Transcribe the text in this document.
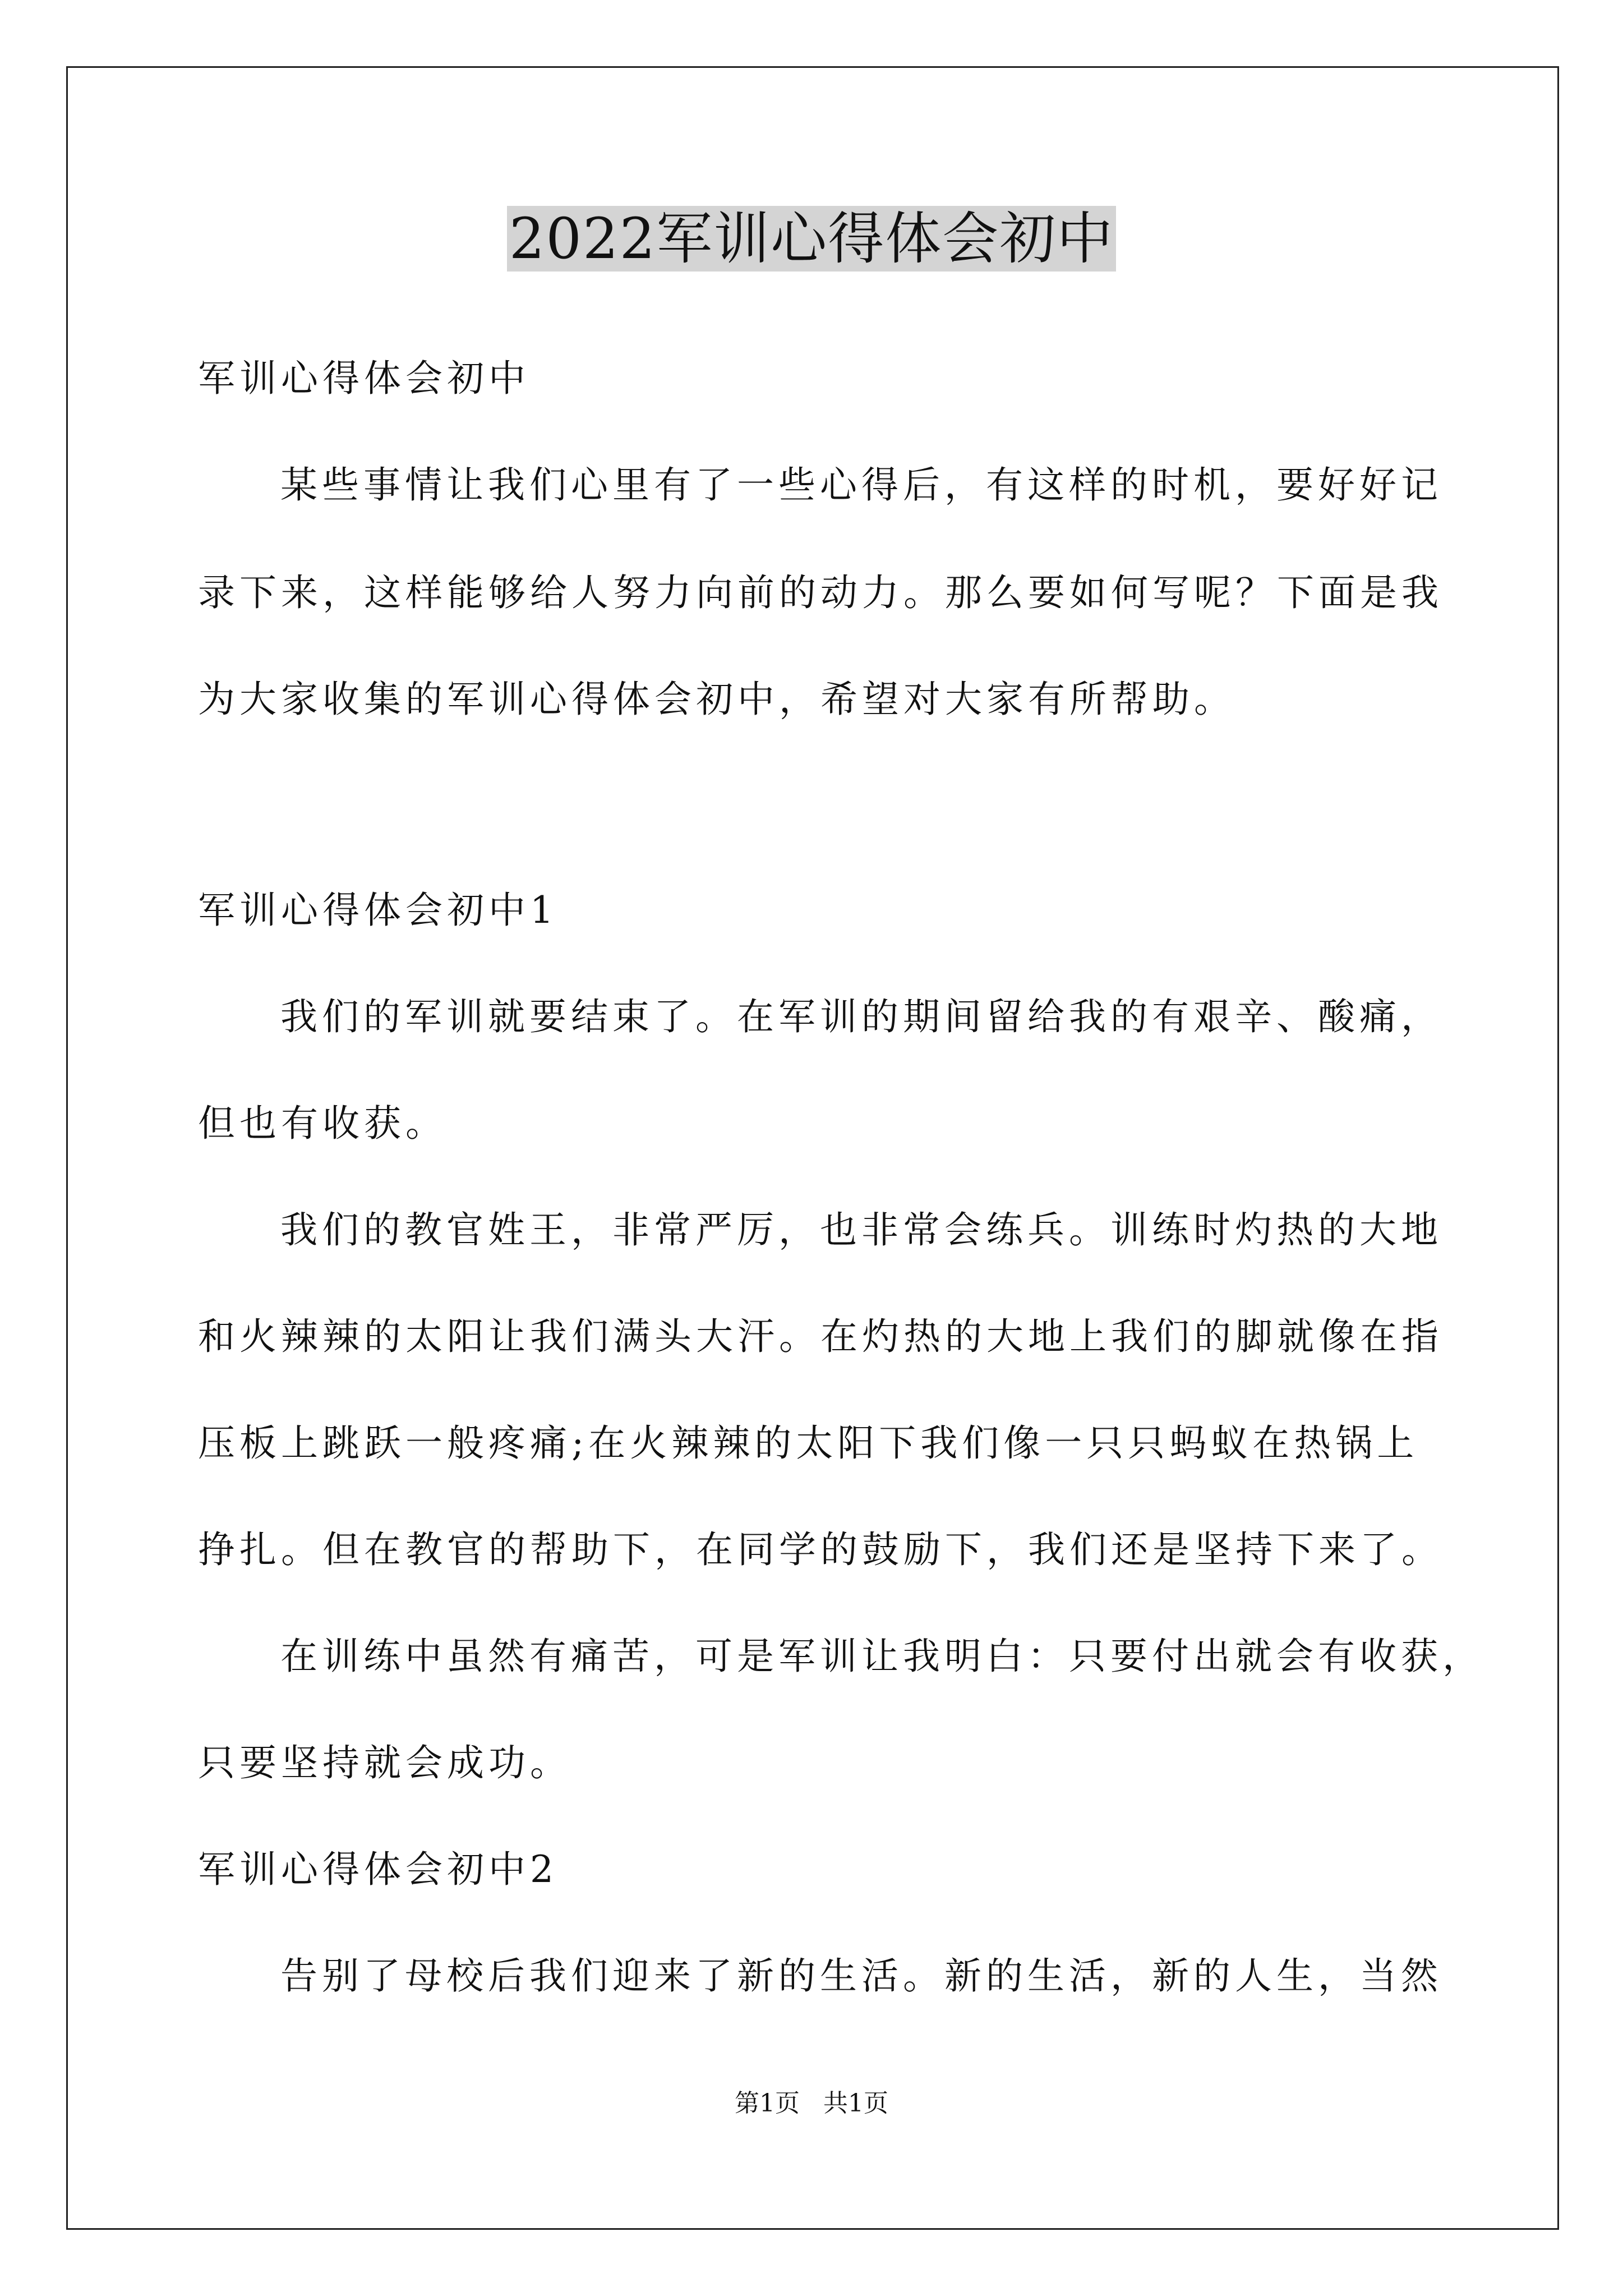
2022军训心得体会初中
军训心得体会初中
某些事情让我们心里有了一些心得后，有这样的时机，要好好记
录下来，这样能够给人努力向前的动力。那么要如何写呢？下面是我
为大家收集的军训心得体会初中，希望对大家有所帮助。
军训心得体会初中1
我们的军训就要结束了。在军训的期间留给我的有艰辛、酸痛，
但也有收获。
我们的教官姓王，非常严厉，也非常会练兵。训练时灼热的大地
和火辣辣的太阳让我们满头大汗。在灼热的大地上我们的脚就像在指
压板上跳跃一般疼痛;在火辣辣的太阳下我们像一只只蚂蚁在热锅上
挣扎。但在教官的帮助下，在同学的鼓励下，我们还是坚持下来了。
在训练中虽然有痛苦，可是军训让我明白：只要付出就会有收获，
只要坚持就会成功。
军训心得体会初中2
告别了母校后我们迎来了新的生活。新的生活，新的人生，当然
第1页   共1页
